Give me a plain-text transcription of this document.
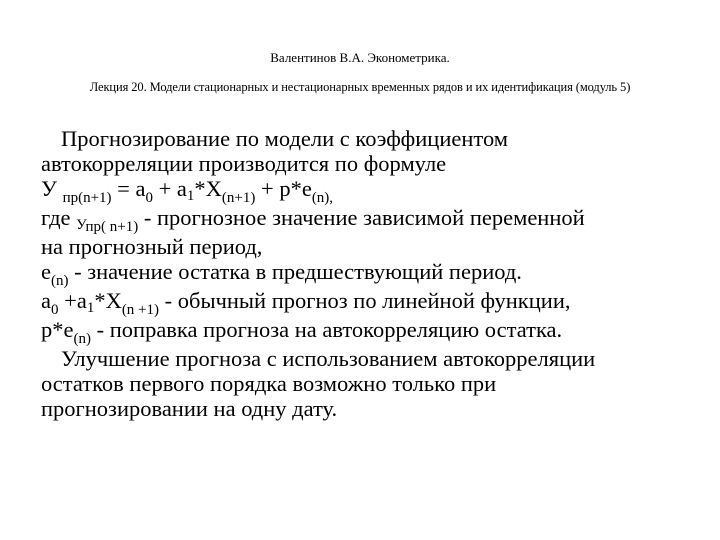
Валентинов В.А. Эконометрика.
Лекция 20. Модели стационарных и нестационарных временных рядов и их идентификация (модуль 5)
Прогнозирование по модели с коэффициентом
автокорреляции производится по формуле
У $_{пр(n+1)} = a_0 + a1*X_{(n+1)} + p*e_{(n),}$
где $У_{пр( n+1)}$ - прогнозное значение зависимой переменной
на прогнозный период,
$e_{(n)}$ - значение остатка в предшествующий период.
$a_0 +a1*X_{(n +1)}$ - обычный прогноз по линейной функции,
$p*e_{(n)}$ - поправка прогноза на автокорреляцию остатка.
Улучшение прогноза с использованием автокорреляции
остатков первого порядка возможно только при
прогнозировании на одну дату.
